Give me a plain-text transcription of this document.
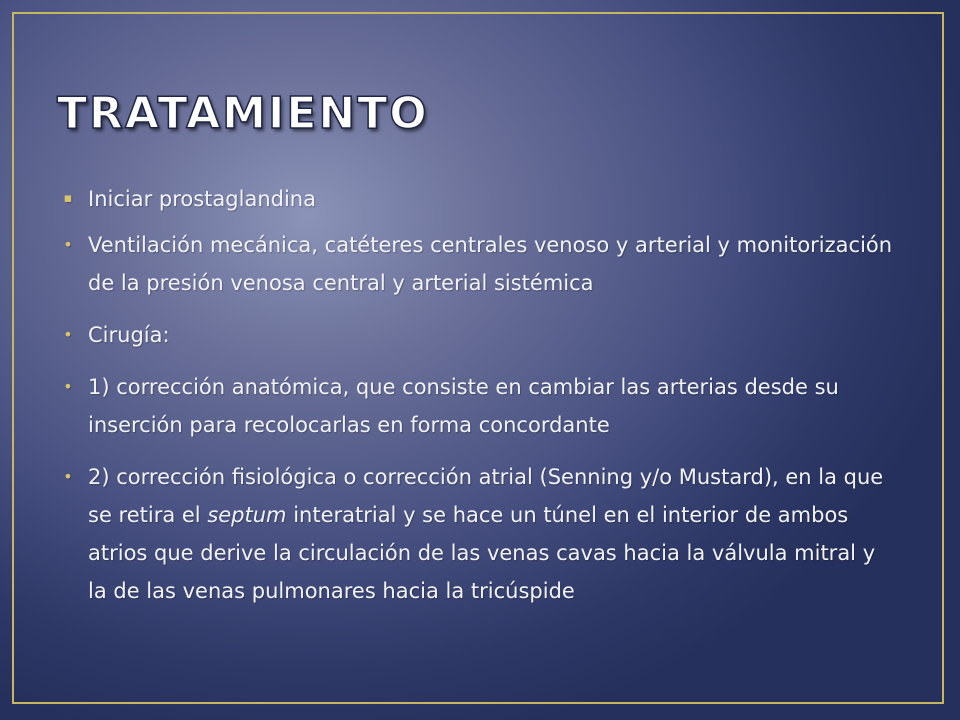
TRATAMIENTO
▪ Iniciar prostaglandina
• Ventilación mecánica, catéteres centrales venoso y arterial y monitorización de la presión venosa central y arterial sistémica
• Cirugía:
• 1) corrección anatómica, que consiste en cambiar las arterias desde su inserción para recolocarlas en forma concordante
• 2) corrección fisiológica o corrección atrial (Senning y/o Mustard), en la que se retira el septum interatrial y se hace un túnel en el interior de ambos atrios que derive la circulación de las venas cavas hacia la válvula mitral y la de las venas pulmonares hacia la tricúspide
